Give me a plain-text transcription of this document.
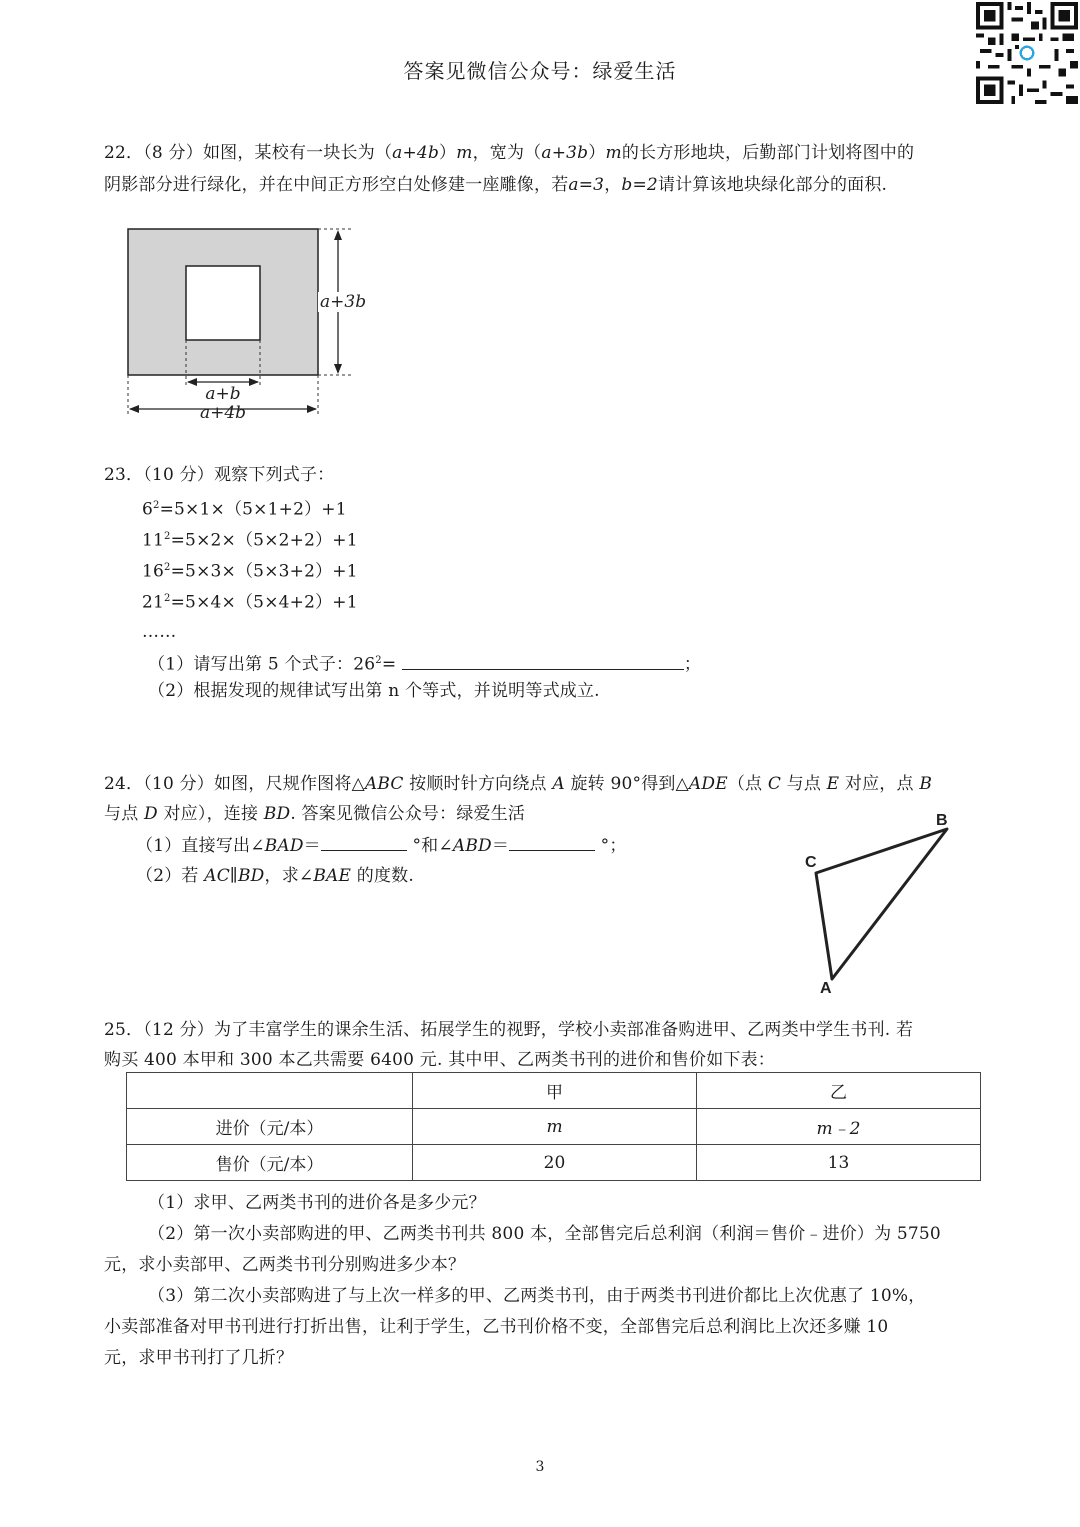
答案见微信公众号：绿爱生活
22．（8 分）如图，某校有一块长为（a+4b）m，宽为（a+3b）m的长方形地块，后勤部门计划将图中的
阴影部分进行绿化，并在中间正方形空白处修建一座雕像，若a=3，b=2请计算该地块绿化部分的面积.
a+3b
a+b
a+4b
23．（10 分）观察下列式子：
$6^2=5\times 1\times(5\times 1+2)+1$
$11^2=5\times 2\times(5\times 2+2)+1$
$16^2=5\times 3\times(5\times 3+2)+1$
$21^2=5\times 4\times(5\times 4+2)+1$
……
（1）请写出第 5 个式子：$26^2=$	；
（2）根据发现的规律试写出第 n 个等式，并说明等式成立.
24．（10 分）如图，尺规作图将△ABC 按顺时针方向绕点 A 旋转 90°得到△ADE（点 C 与点 E 对应，点 B
与点 D 对应），连接 BD. 答案见微信公众号：绿爱生活
（1）直接写出∠BAD＝	°和∠ABD＝	°；
（2）若 AC∥BD，求∠BAE 的度数.
B
C
A
25．（12 分）为了丰富学生的课余生活、拓展学生的视野，学校小卖部准备购进甲、乙两类中学生书刊. 若
购买 400 本甲和 300 本乙共需要 6400 元. 其中甲、乙两类书刊的进价和售价如下表：
	甲	乙
进价（元/本）	m	m﹣2
售价（元/本）	20	13
（1）求甲、乙两类书刊的进价各是多少元？
（2）第一次小卖部购进的甲、乙两类书刊共 800 本，全部售完后总利润（利润＝售价﹣进价）为 5750
元，求小卖部甲、乙两类书刊分别购进多少本？
（3）第二次小卖部购进了与上次一样多的甲、乙两类书刊，由于两类书刊进价都比上次优惠了 10%，
小卖部准备对甲书刊进行打折出售，让利于学生，乙书刊价格不变，全部售完后总利润比上次还多赚 10
元，求甲书刊打了几折？
3
